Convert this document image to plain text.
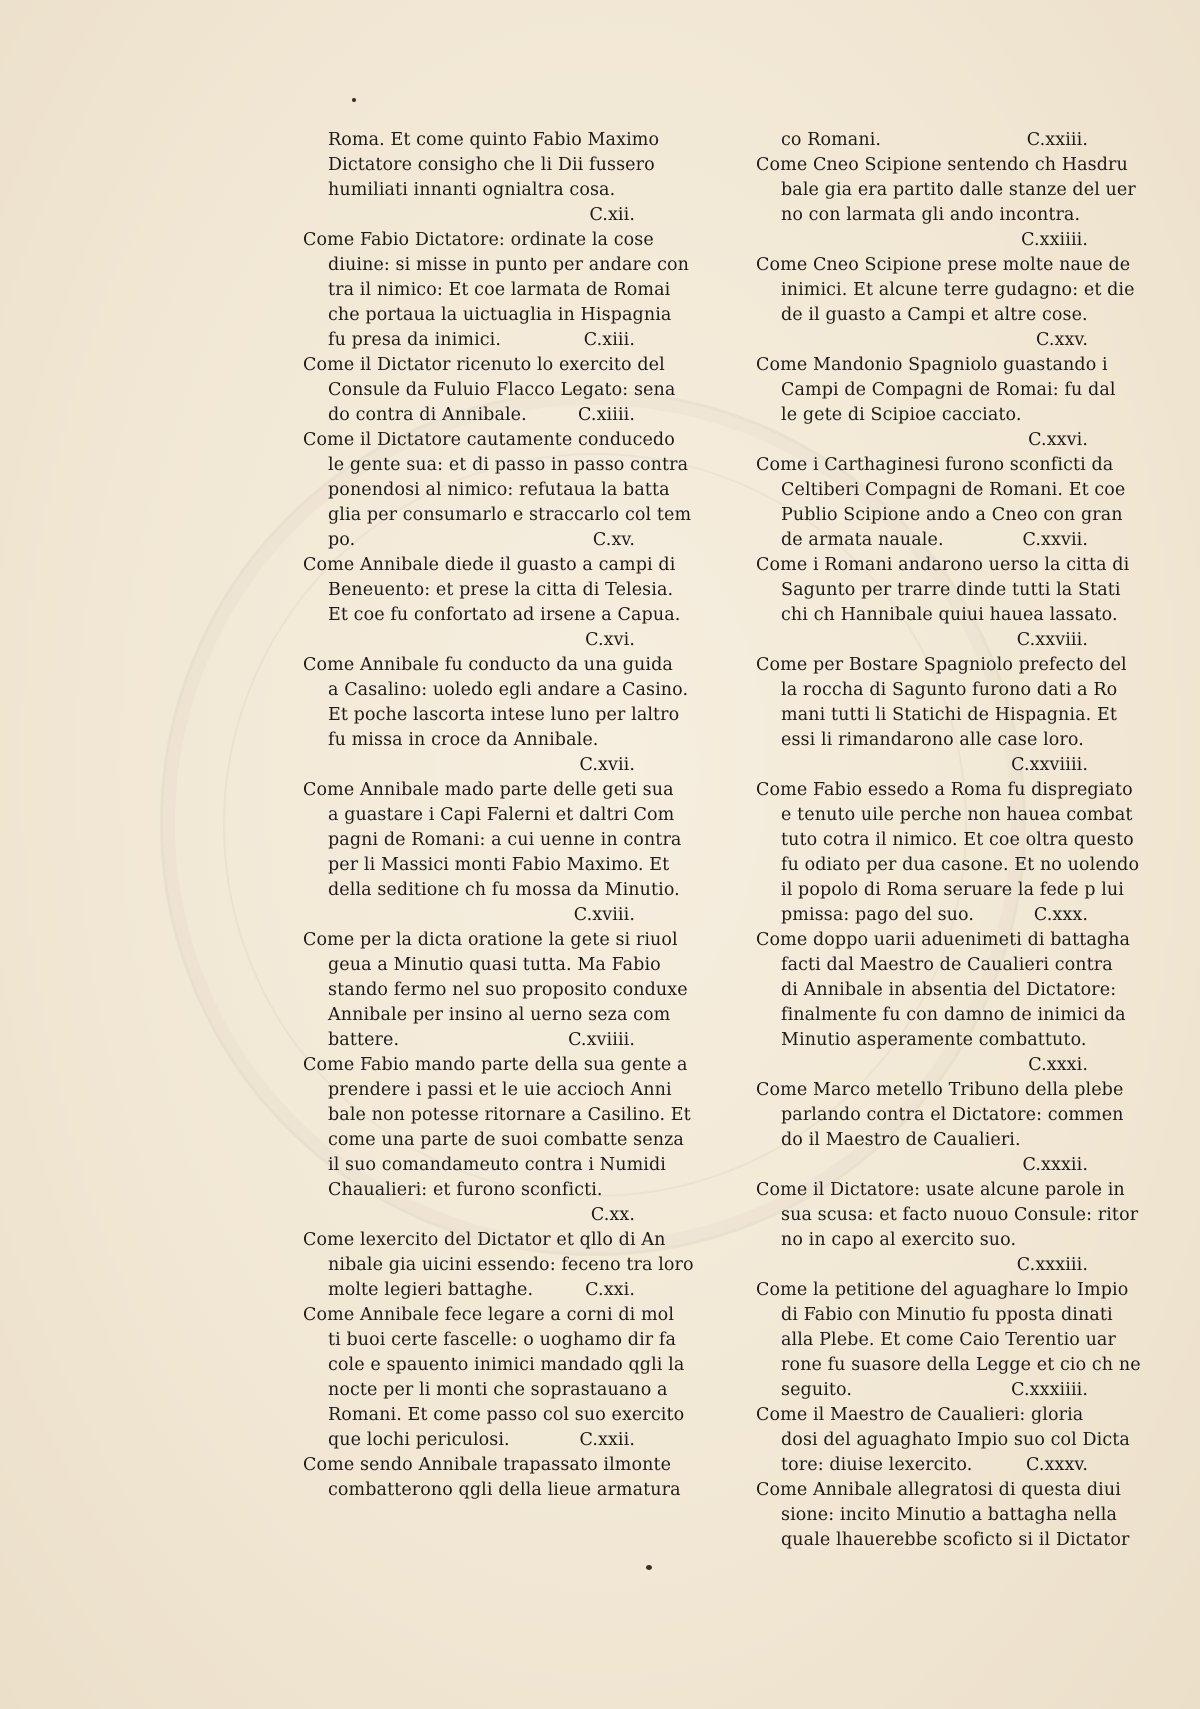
Roma. Et come quinto Fabio Maximo
Dictatore consigho che li Dii fussero
humiliati innanti ognialtra cosa.
C.xii.
Come Fabio Dictatore: ordinate la cose
diuine: si misse in punto per andare con
tra il nimico: Et coe larmata de Romai
che portaua la uictuaglia in Hispagnia
fu presa da inimici.	C.xiii.
Come il Dictator ricenuto lo exercito del
Consule da Fuluio Flacco Legato: sena
do contra di Annibale.	C.xiiii.
Come il Dictatore cautamente conducedo
le gente sua: et di passo in passo contra
ponendosi al nimico: refutaua la batta
glia per consumarlo e straccarlo col tem
po.	C.xv.
Come Annibale diede il guasto a campi di
Beneuento: et prese la citta di Telesia.
Et coe fu confortato ad irsene a Capua.
C.xvi.
Come Annibale fu conducto da una guida
a Casalino: uoledo egli andare a Casino.
Et poche lascorta intese luno per laltro
fu missa in croce da Annibale.
C.xvii.
Come Annibale mado parte delle geti sua
a guastare i Capi Falerni et daltri Com
pagni de Romani: a cui uenne in contra
per li Massici monti Fabio Maximo. Et
della seditione ch fu mossa da Minutio.
C.xviii.
Come per la dicta oratione la gete si riuol
geua a Minutio quasi tutta. Ma Fabio
stando fermo nel suo proposito conduxe
Annibale per insino al uerno seza com
battere.	C.xviiii.
Come Fabio mando parte della sua gente a
prendere i passi et le uie accioch Anni
bale non potesse ritornare a Casilino. Et
come una parte de suoi combatte senza
il suo comandameuto contra i Numidi
Chaualieri: et furono sconficti.
C.xx.
Come lexercito del Dictator et qllo di An
nibale gia uicini essendo: feceno tra loro
molte legieri battaghe.	C.xxi.
Come Annibale fece legare a corni di mol
ti buoi certe fascelle: o uoghamo dir fa
cole e spauento inimici mandado qgli la
nocte per li monti che soprastauano a
Romani. Et come passo col suo exercito
que lochi periculosi.	C.xxii.
Come sendo Annibale trapassato ilmonte
combatterono qgli della lieue armatura
co Romani.	C.xxiii.
Come Cneo Scipione sentendo ch Hasdru
bale gia era partito dalle stanze del uer
no con larmata gli ando incontra.
C.xxiiii.
Come Cneo Scipione prese molte naue de
inimici. Et alcune terre gudagno: et die
de il guasto a Campi et altre cose.
C.xxv.
Come Mandonio Spagniolo guastando i
Campi de Compagni de Romai: fu dal
le gete di Scipioe cacciato.
C.xxvi.
Come i Carthaginesi furono sconficti da
Celtiberi Compagni de Romani. Et coe
Publio Scipione ando a Cneo con gran
de armata nauale.	C.xxvii.
Come i Romani andarono uerso la citta di
Sagunto per trarre dinde tutti la Stati
chi ch Hannibale quiui hauea lassato.
C.xxviii.
Come per Bostare Spagniolo prefecto del
la roccha di Sagunto furono dati a Ro
mani tutti li Statichi de Hispagnia. Et
essi li rimandarono alle case loro.
C.xxviiii.
Come Fabio essedo a Roma fu dispregiato
e tenuto uile perche non hauea combat
tuto cotra il nimico. Et coe oltra questo
fu odiato per dua casone. Et no uolendo
il popolo di Roma seruare la fede p lui
pmissa: pago del suo.	C.xxx.
Come doppo uarii aduenimeti di battagha
facti dal Maestro de Caualieri contra
di Annibale in absentia del Dictatore:
finalmente fu con damno de inimici da
Minutio asperamente combattuto.
C.xxxi.
Come Marco metello Tribuno della plebe
parlando contra el Dictatore: commen
do il Maestro de Caualieri.
C.xxxii.
Come il Dictatore: usate alcune parole in
sua scusa: et facto nuouo Consule: ritor
no in capo al exercito suo.
C.xxxiii.
Come la petitione del aguaghare lo Impio
di Fabio con Minutio fu pposta dinati
alla Plebe. Et come Caio Terentio uar
rone fu suasore della Legge et cio ch ne
seguito.	C.xxxiiii.
Come il Maestro de Caualieri: gloria
dosi del aguaghato Impio suo col Dicta
tore: diuise lexercito.	C.xxxv.
Come Annibale allegratosi di questa diui
sione: incito Minutio a battagha nella
quale lhauerebbe scoficto si il Dictator
